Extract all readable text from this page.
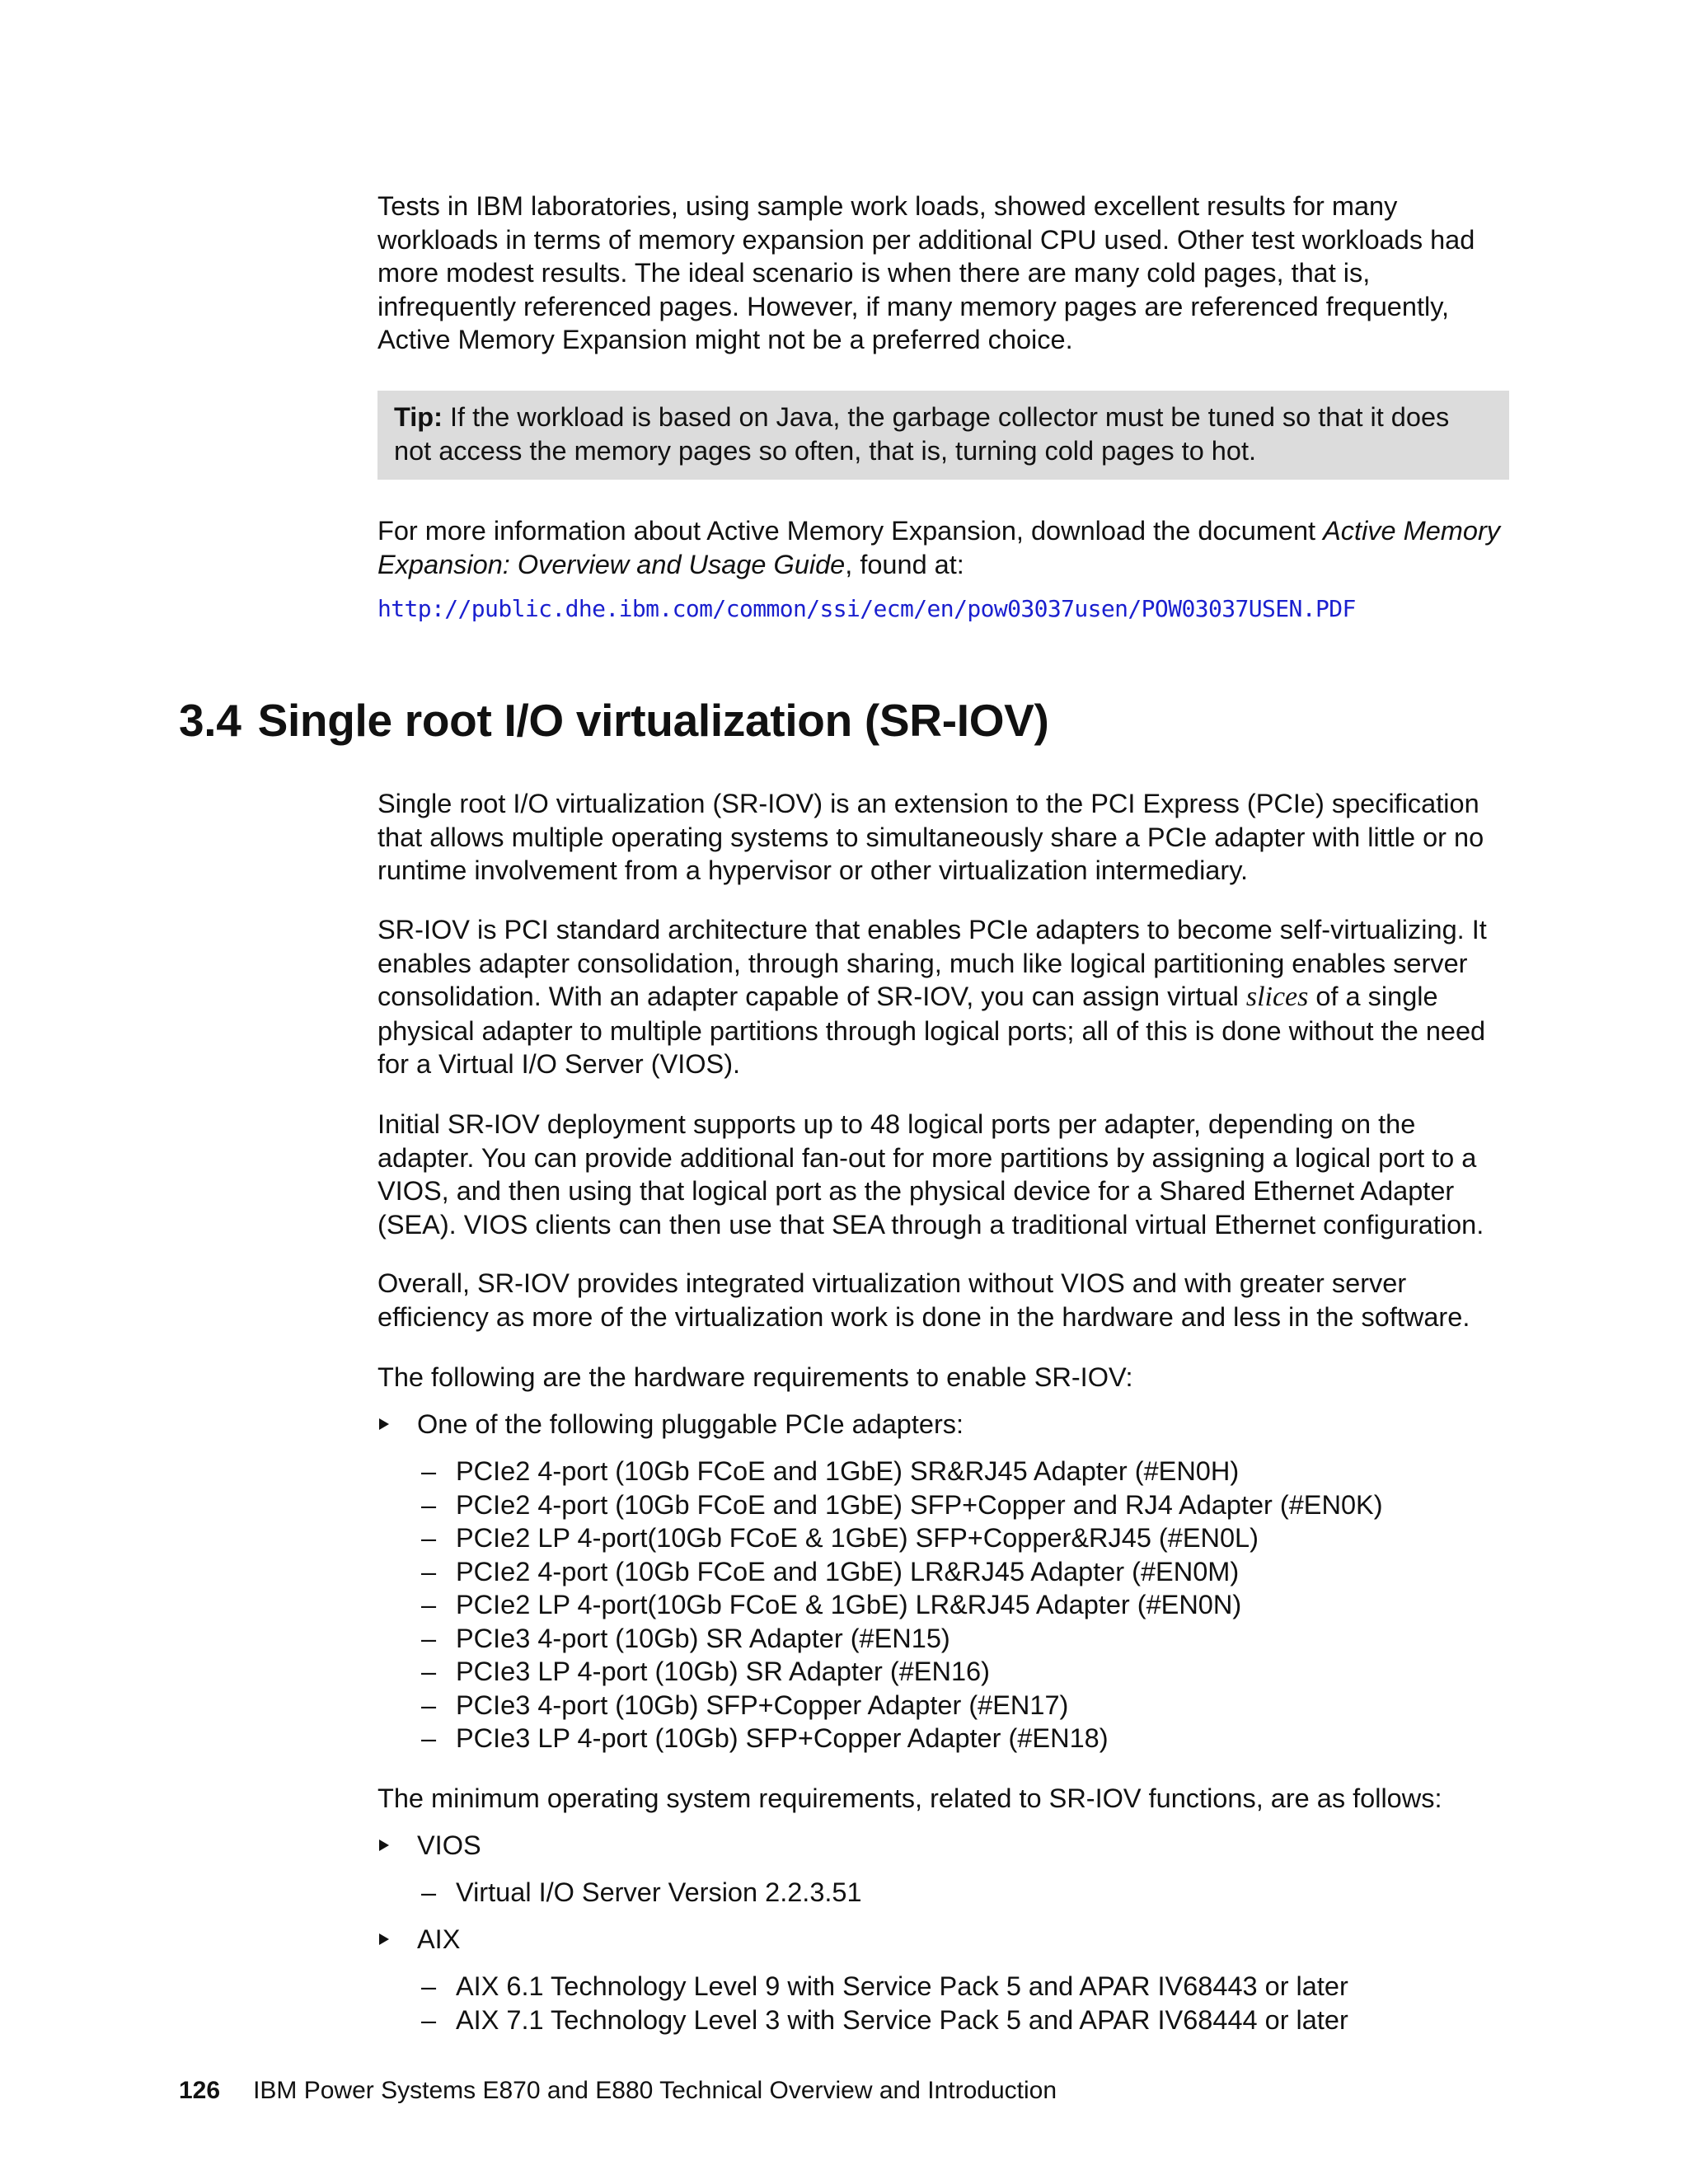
Tests in IBM laboratories, using sample work loads, showed excellent results for many workloads in terms of memory expansion per additional CPU used. Other test workloads had more modest results. The ideal scenario is when there are many cold pages, that is, infrequently referenced pages. However, if many memory pages are referenced frequently, Active Memory Expansion might not be a preferred choice.

Tip: If the workload is based on Java, the garbage collector must be tuned so that it does not access the memory pages so often, that is, turning cold pages to hot.

For more information about Active Memory Expansion, download the document Active Memory Expansion: Overview and Usage Guide, found at:

http://public.dhe.ibm.com/common/ssi/ecm/en/pow03037usen/POW03037USEN.PDF
3.4 Single root I/O virtualization (SR-IOV)

Single root I/O virtualization (SR-IOV) is an extension to the PCI Express (PCIe) specification that allows multiple operating systems to simultaneously share a PCIe adapter with little or no runtime involvement from a hypervisor or other virtualization intermediary.

SR-IOV is PCI standard architecture that enables PCIe adapters to become self-virtualizing. It enables adapter consolidation, through sharing, much like logical partitioning enables server consolidation. With an adapter capable of SR-IOV, you can assign virtual slices of a single physical adapter to multiple partitions through logical ports; all of this is done without the need for a Virtual I/O Server (VIOS).

Initial SR-IOV deployment supports up to 48 logical ports per adapter, depending on the adapter. You can provide additional fan-out for more partitions by assigning a logical port to a VIOS, and then using that logical port as the physical device for a Shared Ethernet Adapter (SEA). VIOS clients can then use that SEA through a traditional virtual Ethernet configuration.

Overall, SR-IOV provides integrated virtualization without VIOS and with greater server efficiency as more of the virtualization work is done in the hardware and less in the software.

The following are the hardware requirements to enable SR-IOV:

One of the following pluggable PCIe adapters:
– PCIe2 4-port (10Gb FCoE and 1GbE) SR&RJ45 Adapter (#EN0H)
– PCIe2 4-port (10Gb FCoE and 1GbE) SFP+Copper and RJ4 Adapter (#EN0K)
– PCIe2 LP 4-port(10Gb FCoE & 1GbE) SFP+Copper&RJ45 (#EN0L)
– PCIe2 4-port (10Gb FCoE and 1GbE) LR&RJ45 Adapter (#EN0M)
– PCIe2 LP 4-port(10Gb FCoE & 1GbE) LR&RJ45 Adapter (#EN0N)
– PCIe3 4-port (10Gb) SR Adapter (#EN15)
– PCIe3 LP 4-port (10Gb) SR Adapter (#EN16)
– PCIe3 4-port (10Gb) SFP+Copper Adapter (#EN17)
– PCIe3 LP 4-port (10Gb) SFP+Copper Adapter (#EN18)

The minimum operating system requirements, related to SR-IOV functions, are as follows:

VIOS
– Virtual I/O Server Version 2.2.3.51
AIX
– AIX 6.1 Technology Level 9 with Service Pack 5 and APAR IV68443 or later
– AIX 7.1 Technology Level 3 with Service Pack 5 and APAR IV68444 or later
126 IBM Power Systems E870 and E880 Technical Overview and Introduction
